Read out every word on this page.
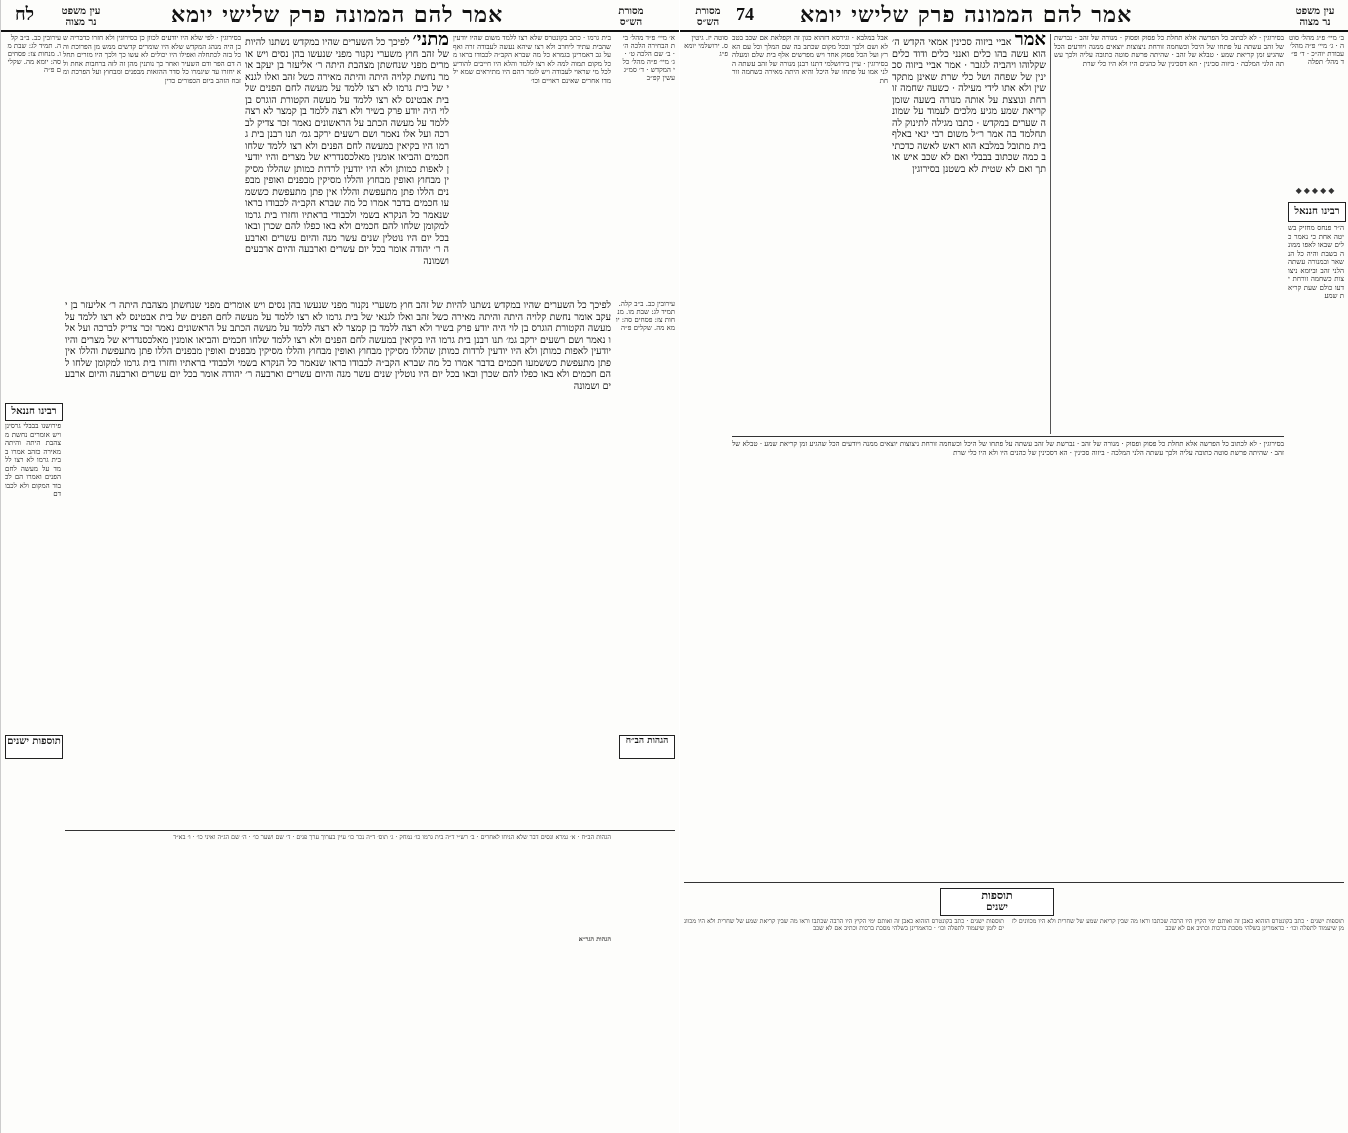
אמר להם הממונה פרק שלישי יומא
לח	עין משפט נר מצוה
מסורת הש״ס
עירובין כב. ב״ב קלה. תמיד לג: שבת מו. מנחות צז: פסחים סה: יומא מה. שקלים פ״ה
א׳ מיי׳ פ״ד מהל׳ בית הבחירה הלכה ה׳ · ב׳ שם הלכה ט׳ · ג׳ מיי׳ פ״ה מהל׳ כלי המקדש · ד׳ סמ״ג עשין קפ״ב
רבינו חננאל
פירושנו בבבלי גרסינן ויש אומרים נחשת מצהבת היתה והיתה מאירה כזהב אמרו בבית גרמו לא רצו ללמד על מעשה לחם הפנים ואמרו הם לכבוד המקום ולא לכבודם
תוספות ישנים
בסירוגין · לפי שלא היו יודעים לכוון כן בסירוגין ולא חזרו כדבריה שכן היה מנהג המקדש שלא היו שומרים קדשים ממש מן הפרוכת והכל בזה לכתחלה ואפילו היו יכולים לא עשו כך ולכך היו מזרים תחלה דם הפר ודם השעיר ואחר כך נותנין מהן זה לזה ברחבות אחת ולא יחזרו עד שיגמרו כל סדר ההזאות מבפנים ומבחוץ ועל הפרכת ומזבח הזהב ביום הכפורים כדין
בית גרמו · כתב בקונטרס שלא רצו ללמד משום שהיו יודעין שהבית עתיד ליחרב ולא רצו שיהא נעשה לעבודה זרה ואף על גב דאמרינן בגמרא כל מה שברא הקב״ה לכבודו בראו מכל מקום תמוה למה לא רצו ללמד והלא היו חייבים להודיע לכל מי שראוי לעבודה ויש לומר דהם היו מתיראים שמא ילמדו אחרים שאינם ראויים וכו׳
מתני׳ לפיכך כל השערים שהיו במקדש נשתנו להיות של זהב חוץ משערי נקנור מפני שנעשו בהן נסים ויש אומרים מפני שנחשתן מצהבת היתה ר׳ אליעזר בן יעקב אומר נחשת קלויה היתה והיתה מאירה כשל זהב ואלו לגנאי של בית גרמו לא רצו ללמד על מעשה לחם הפנים של בית אבטינס לא רצו ללמד על מעשה הקטורת הוגרס בן לוי היה יודע פרק בשיר ולא רצה ללמד בן קמצר לא רצה ללמד על מעשה הכתב על הראשונים נאמר זכר צדיק לברכה ועל אלו נאמר ושם רשעים ירקב גמ׳ תנו רבנן בית גרמו היו בקיאין במעשה לחם הפנים ולא רצו ללמד שלחו חכמים והביאו אומנין מאלכסנדריא של מצרים והיו יודעין לאפות כמותן ולא היו יודעין לרדות כמותן שהללו מסיקין מבחוץ ואופין מבחוץ והללו מסיקין מבפנים ואופין מבפנים הללו פתן מתעפשת והללו אין פתן מתעפשת כששמעו חכמים בדבר אמרו כל מה שברא הקב״ה לכבודו בראו שנאמר כל הנקרא בשמי ולכבודי בראתיו וחזרו בית גרמו למקומן שלחו להם חכמים ולא באו כפלו להם שכרן ובאו בכל יום היו נוטלין שנים עשר מנה והיום עשרים וארבעה ר׳ יהודה אומר בכל יום עשרים וארבעה והיום ארבעים ושמונה
לפיכך כל השערים שהיו במקדש נשתנו להיות של זהב חוץ משערי נקנור מפני שנעשו בהן נסים ויש אומרים מפני שנחשתן מצהבת היתה ר׳ אליעזר בן יעקב אומר נחשת קלויה היתה והיתה מאירה כשל זהב ואלו לגנאי של בית גרמו לא רצו ללמד על מעשה לחם הפנים של בית אבטינס לא רצו ללמד על מעשה הקטורת הוגרס בן לוי היה יודע פרק בשיר ולא רצה ללמד בן קמצר לא רצה ללמד על מעשה הכתב על הראשונים נאמר זכר צדיק לברכה ועל אלו נאמר ושם רשעים ירקב גמ׳ תנו רבנן בית גרמו היו בקיאין במעשה לחם הפנים ולא רצו ללמד שלחו חכמים והביאו אומנין מאלכסנדריא של מצרים והיו יודעין לאפות כמותן ולא היו יודעין לרדות כמותן שהללו מסיקין מבחוץ ואופין מבחוץ והללו מסיקין מבפנים ואופין מבפנים הללו פתן מתעפשת והללו אין פתן מתעפשת כששמעו חכמים בדבר אמרו כל מה שברא הקב״ה לכבודו בראו שנאמר כל הנקרא בשמי ולכבודי בראתיו וחזרו בית גרמו למקומן שלחו להם חכמים ולא באו כפלו להם שכרן ובאו בכל יום היו נוטלין שנים עשר מנה והיום עשרים וארבעה ר׳ יהודה אומר בכל יום עשרים וארבעה והיום ארבעים ושמונה
עירובין כב. ב״ב קלה. תמיד לג: שבת מו. מנחות צז: פסחים סה: יומא מה. שקלים פ״ה
הגהות הב״ח
הגהות הב״ח · א׳ גמרא ונסים דבר שלא הניחו לאחרים · ב׳ רש״י ד״ה בית גרמו כו׳ נמחק · ג׳ תוס׳ ד״ה נכר כו׳ עיין בערוך ערך פנים · ד׳ שם ושער כו׳ · ה׳ שם הג״ה ואיני כו׳ · ו׳ בא״ד
הגהות הגר״א
אמר להם הממונה פרק שלישי יומא
74	עין משפט נר מצוה
מסורת הש״ס
ב׳ מיי׳ פ״ג מהל׳ סוטה · ג׳ מיי׳ פ״ה מהל׳ עבודת יוה״כ · ד׳ פ״ד מהל׳ תפלה
◆◆◆◆◆
רבינו חננאל
ה״ר פנחס מחזיק בשיטה אחת כי נאמר כלים שבאו לאפו ממונה בשבת והיה כל הנשאר ובמנורה עשתה הלני זהב וביומא ניצוצות כשחמה זורחת ידעו כולם שעת קריאת שמע
סוטה יז. גיטין ס. ירושלמי יומא פ״ג
בסירוגין · לא לכתוב כל הפרשה אלא תחלת כל פסוק ופסוק · מנורה של זהב · נברשת של זהב עשתה על פתחו של היכל וכשחמה זורחת ניצוצות יוצאים ממנה ויודעים הכל שהגיע זמן קריאת שמע · טבלא של זהב · שהיתה פרשת סוטה כתובה עליה ולכך עשתה הלני המלכה · ביזוה סכינין · הא דסכינין של כהנים היו ולא היו כלי שרת
אמר אביי ביזוה סכינין אמאי הקדש ה׳ הוא עשה בהו כלים ואנני כלים ודוד כלים שקלוהו ויהביה לגזבר · אמר אביי ביזוה סכינין של שפחה ושל כלי שרת שאינן מתקדשין ולא אתו לידי מעילה · כשעה שחמה זורחת ונוצצת על אותה מנורה בשעה שזמן קריאת שמע מגיע מלכים לעמוד על שמונה שערים במקדש · כתבו מגילה לתינוק להתחלמד בה אמר ר״ל משום רבי ינאי באלף בית מתובל במלבא הוא ראש לאשה כדכתיב כמה שכתוב בבבלי ואם לא שכב איש אותך ואם לא שטית לא בשטנן בסירוגין
אבל במלבא · וגירסא דזהוא כגון זה וקפלאת אם שכב בטבלא ושם ולכך ובכל מקום שכתב בה שם המלך וכל עם הארץ ועל הכל פסוק אחד ויש מפרשים אלף בית שלם ומעלה בסירוגין · עיין בירושלמי דתנו רבנן מנורה של זהב עשתה הלני אמו על פתחו של היכל והיא היתה מאירה כשחמה זורחת
בסירוגין · לא לכתוב כל הפרשה אלא תחלת כל פסוק ופסוק · מנורה של זהב · נברשת של זהב עשתה על פתחו של היכל וכשחמה זורחת ניצוצות יוצאים ממנה ויודעים הכל שהגיע זמן קריאת שמע · טבלא של זהב · שהיתה פרשת סוטה כתובה עליה ולכך עשתה הלני המלכה · ביזוה סכינין · הא דסכינין של כהנים היו ולא היו כלי שרת
תוספות
ישנים
תוספות ישנים · כתב בקונטרס הזהוא כאבן זה ואותם ימי הקיץ היו הרבה שכתבו וראו מה שבין קריאת שמע של שחרית ולא היו מכוונים לזמן שיעמוד לתפלה וכו׳ · כדאמרינן בשלהי מסכת ברכות וכתיב אם לא שכב
תוספות ישנים · כתב בקונטרס הזהוא כאבן זה ואותם ימי הקיץ היו הרבה שכתבו וראו מה שבין קריאת שמע של שחרית ולא היו מכוונים לזמן שיעמוד לתפלה וכו׳ · כדאמרינן בשלהי מסכת ברכות וכתיב אם לא שכב
